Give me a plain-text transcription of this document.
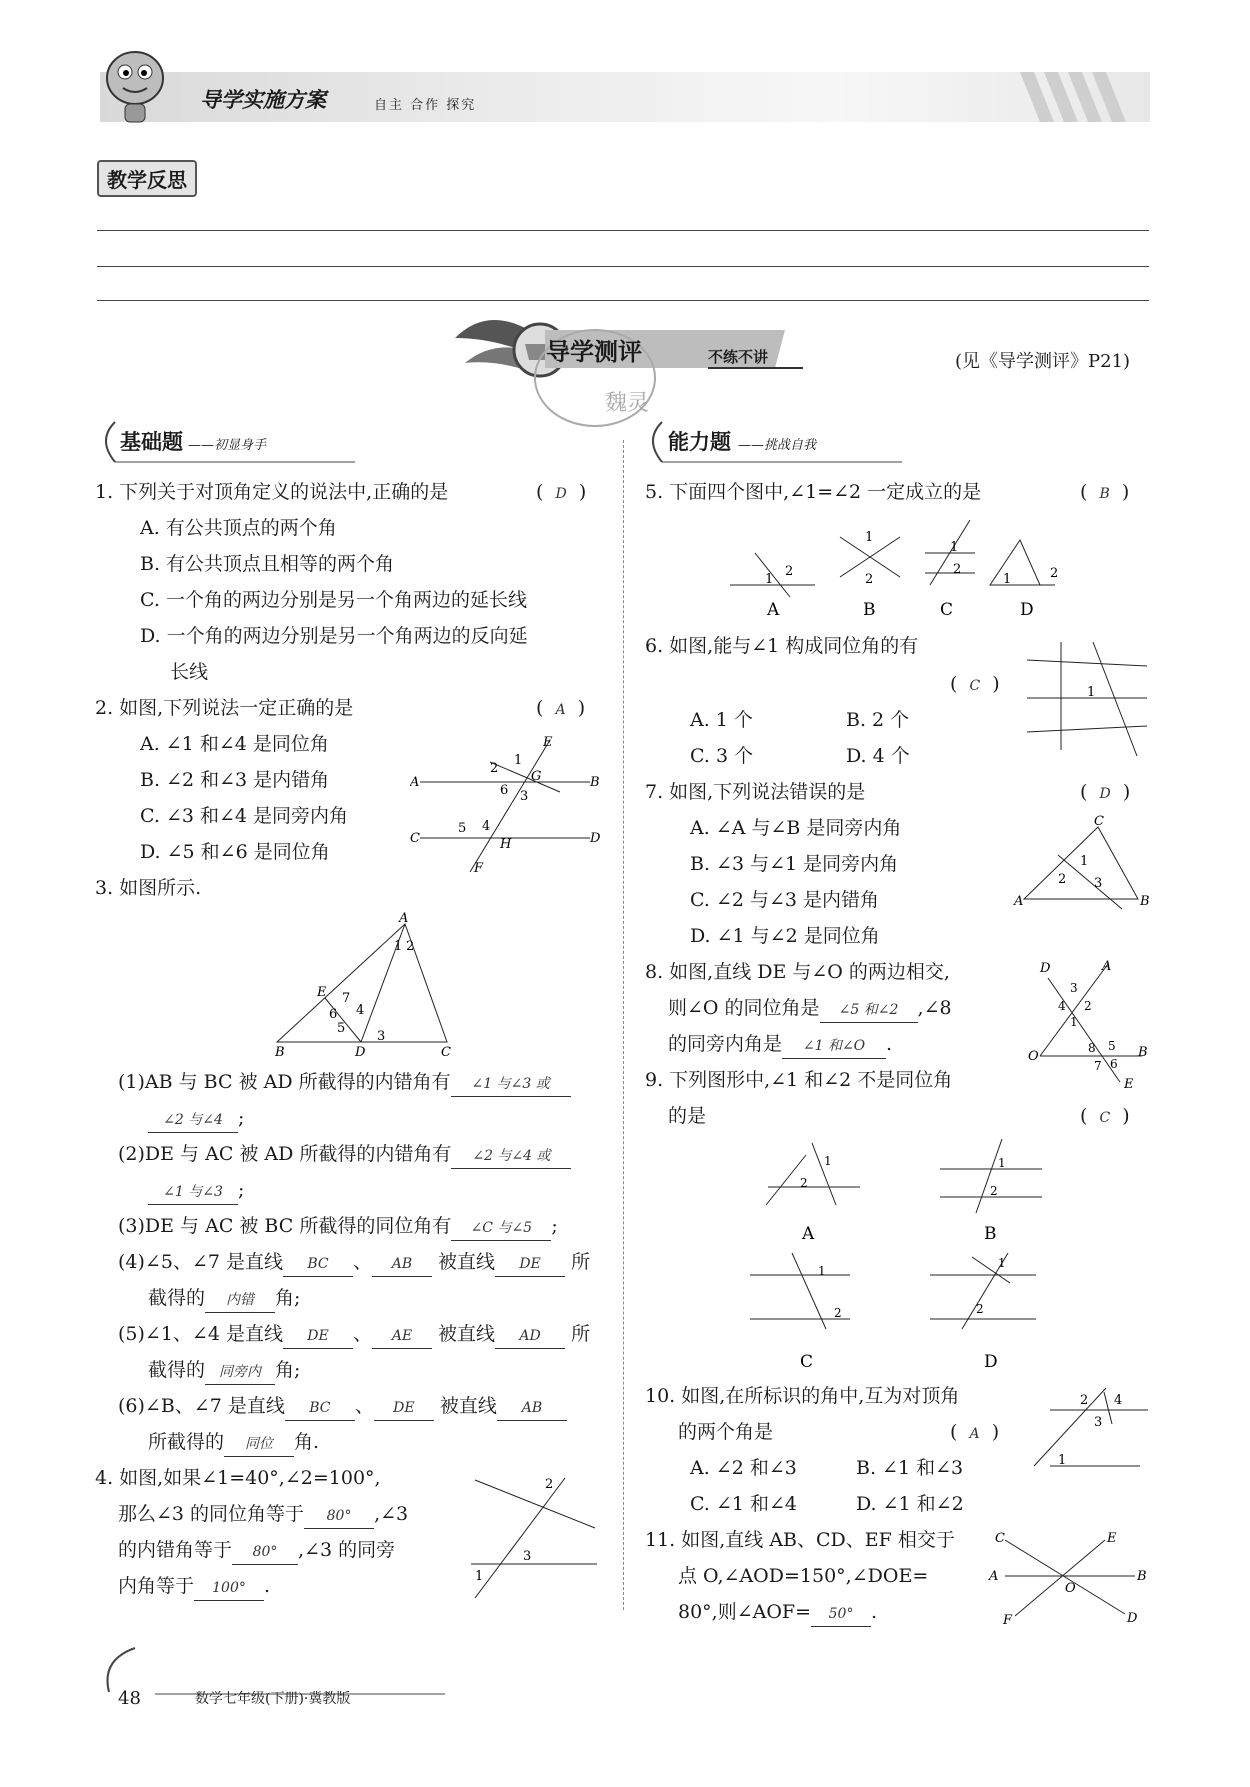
导学实施方案	自主 合作 探究
教学反思
魏灵
导学测评	不练不讲	(见《导学测评》P21)
基础题 ——初显身手	能力题 ——挑战自我
1. 下列关于对顶角定义的说法中,正确的是	(  D  )
A. 有公共顶点的两个角
B. 有公共顶点且相等的两个角
C. 一个角的两边分别是另一个角两边的延长线
D. 一个角的两边分别是另一个角两边的反向延
长线
2. 如图,下列说法一定正确的是	(  A  )
A. ∠1 和∠4 是同位角
B. ∠2 和∠3 是内错角
C. ∠3 和∠4 是同旁内角
D. ∠5 和∠6 是同位角
A	B
C	D
E
F
G
H
1
2
3
4
5
6
3. 如图所示.
A
B	C
D
E
1 2
3
4
5
6
7
(1)AB 与 BC 被 AD 所截得的内错角有 ∠1 与∠3 或
∠2 与∠4 ;
(2)DE 与 AC 被 AD 所截得的内错角有 ∠2 与∠4 或
∠1 与∠3 ;
(3)DE 与 AC 被 BC 所截得的同位角有 ∠C 与∠5 ;
(4)∠5、∠7 是直线 BC 、 AB 被直线 DE 所
截得的 内错 角;
(5)∠1、∠4 是直线 DE 、 AE 被直线 AD 所
截得的 同旁内 角;
(6)∠B、∠7 是直线 BC 、 DE 被直线 AB
所截得的 同位 角.
4. 如图,如果∠1=40°,∠2=100°,
那么∠3 的同位角等于 80° ,∠3
的内错角等于 80° ,∠3 的同旁
内角等于 100° .
2
3
1
5. 下面四个图中,∠1=∠2 一定成立的是	(  B  )
1
2
1
2
1
2
1	2
A	B	C	D
6. 如图,能与∠1 构成同位角的有
(  C  )
A. 1 个	B. 2 个
C. 3 个	D. 4 个
1
7. 如图,下列说法错误的是	(  D  )
A. ∠A 与∠B 是同旁内角
B. ∠3 与∠1 是同旁内角
C. ∠2 与∠3 是内错角
D. ∠1 与∠2 是同位角
C
A	B
1
2 3
8. 如图,直线 DE 与∠O 的两边相交,
则∠O 的同位角是 ∠5 和∠2 ,∠8
的同旁内角是 ∠1 和∠O .
D	A
O	B
E
3
4 2
1
8 5
7 6
9. 下列图形中,∠1 和∠2 不是同位角
的是	(  C  )
1
2
1
2
1
2
1
2
A	B
C	D
10. 如图,在所标识的角中,互为对顶角
的两个角是	(  A  )
A. ∠2 和∠3	B. ∠1 和∠3
C. ∠1 和∠4	D. ∠1 和∠2
2 4
3
1
11. 如图,直线 AB、CD、EF 相交于
点 O,∠AOD=150°,∠DOE=
80°,则∠AOF= 50° .
C
A
E
B
F	D
O
48	数学七年级(下册)·冀教版
